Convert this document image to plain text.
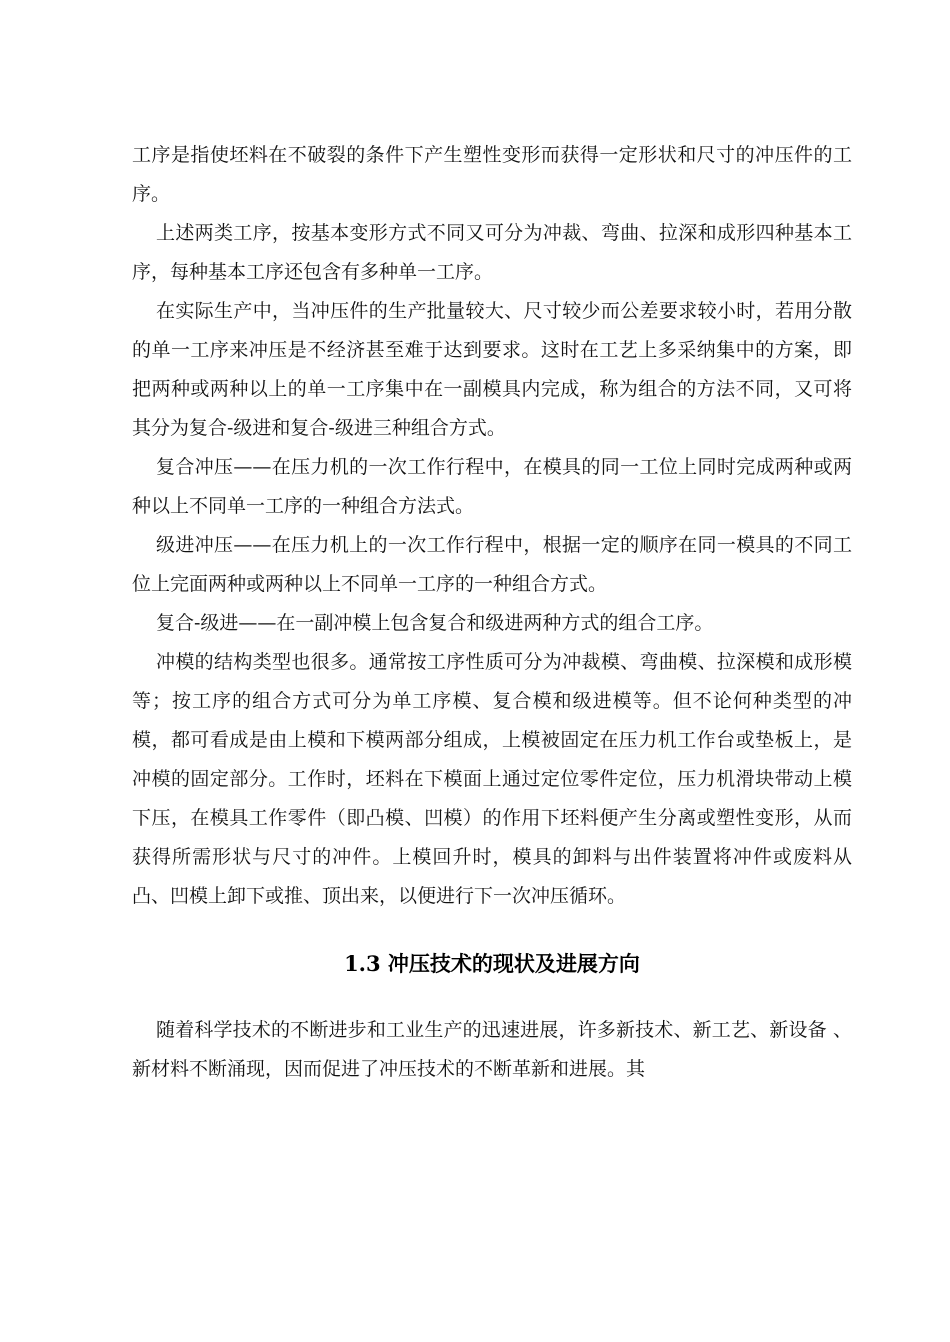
工序是指使坯料在不破裂的条件下产生塑性变形而获得一定形状和尺寸的冲压件的工序。

上述两类工序，按基本变形方式不同又可分为冲裁、弯曲、拉深和成形四种基本工序，每种基本工序还包含有多种单一工序。

在实际生产中，当冲压件的生产批量较大、尺寸较少而公差要求较小时，若用分散的单一工序来冲压是不经济甚至难于达到要求。这时在工艺上多采纳集中的方案，即把两种或两种以上的单一工序集中在一副模具内完成，称为组合的方法不同，又可将其分为复合-级进和复合-级进三种组合方式。

复合冲压——在压力机的一次工作行程中，在模具的同一工位上同时完成两种或两种以上不同单一工序的一种组合方法式。

级进冲压——在压力机上的一次工作行程中，根据一定的顺序在同一模具的不同工位上完面两种或两种以上不同单一工序的一种组合方式。

复合-级进——在一副冲模上包含复合和级进两种方式的组合工序。

冲模的结构类型也很多。通常按工序性质可分为冲裁模、弯曲模、拉深模和成形模等；按工序的组合方式可分为单工序模、复合模和级进模等。但不论何种类型的冲模，都可看成是由上模和下模两部分组成，上模被固定在压力机工作台或垫板上，是冲模的固定部分。工作时，坯料在下模面上通过定位零件定位，压力机滑块带动上模下压，在模具工作零件（即凸模、凹模）的作用下坯料便产生分离或塑性变形，从而获得所需形状与尺寸的冲件。上模回升时，模具的卸料与出件装置将冲件或废料从凸、凹模上卸下或推、顶出来，以便进行下一次冲压循环。

1.3 冲压技术的现状及进展方向

随着科学技术的不断进步和工业生产的迅速进展，许多新技术、新工艺、新设备 、新材料不断涌现，因而促进了冲压技术的不断革新和进展。其
